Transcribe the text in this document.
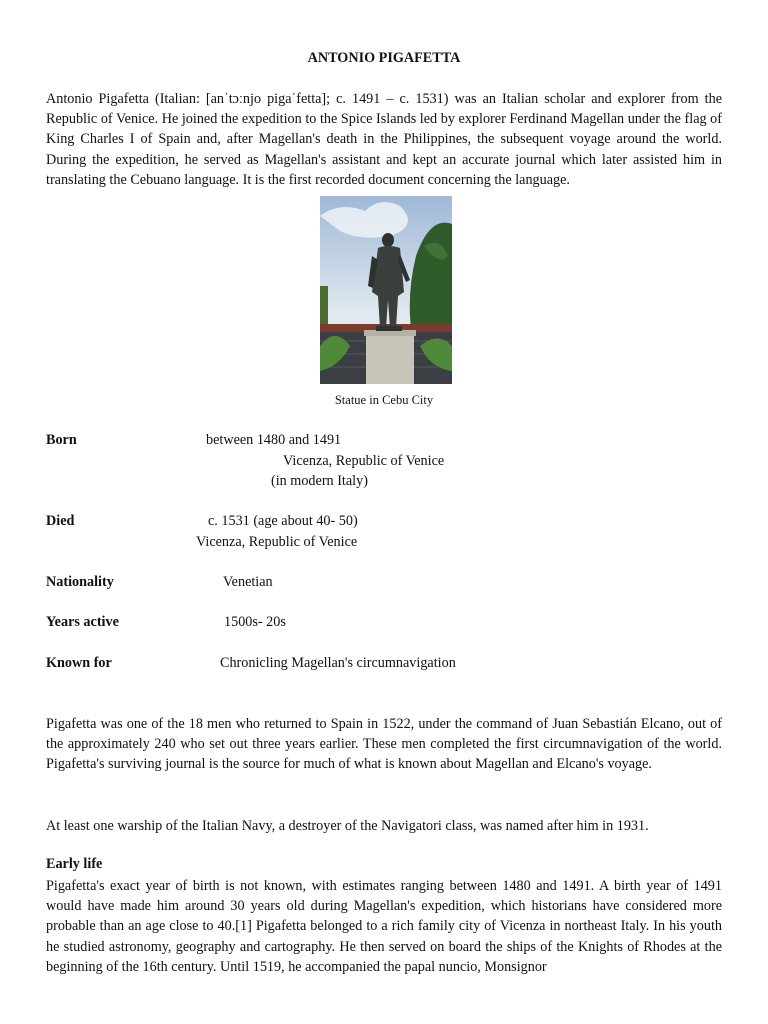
ANTONIO PIGAFETTA

Antonio Pigafetta (Italian: [anˈtɔːnjo pigaˈfetta]; c. 1491 – c. 1531) was an Italian scholar and explorer from the Republic of Venice. He joined the expedition to the Spice Islands led by explorer Ferdinand Magellan under the flag of King Charles I of Spain and, after Magellan's death in the Philippines, the subsequent voyage around the world. During the expedition, he served as Magellan's assistant and kept an accurate journal which later assisted him in translating the Cebuano language. It is the first recorded document concerning the language.

Statue in Cebu City
Born	between 1480 and 1491
Vicenza, Republic of Venice
(in modern Italy)
Died	c. 1531 (age about 40- 50)
Vicenza, Republic of Venice
Nationality	Venetian
Years active	1500s- 20s
Known for	Chronicling Magellan's circumnavigation

Pigafetta was one of the 18 men who returned to Spain in 1522, under the command of Juan Sebastián Elcano, out of the approximately 240 who set out three years earlier. These men completed the first circumnavigation of the world. Pigafetta's surviving journal is the source for much of what is known about Magellan and Elcano's voyage.

At least one warship of the Italian Navy, a destroyer of the Navigatori class, was named after him in 1931.

Early life

Pigafetta's exact year of birth is not known, with estimates ranging between 1480 and 1491. A birth year of 1491 would have made him around 30 years old during Magellan's expedition, which historians have considered more probable than an age close to 40.[1] Pigafetta belonged to a rich family city of Vicenza in northeast Italy. In his youth he studied astronomy, geography and cartography. He then served on board the ships of the Knights of Rhodes at the beginning of the 16th century. Until 1519, he accompanied the papal nuncio, Monsignor
